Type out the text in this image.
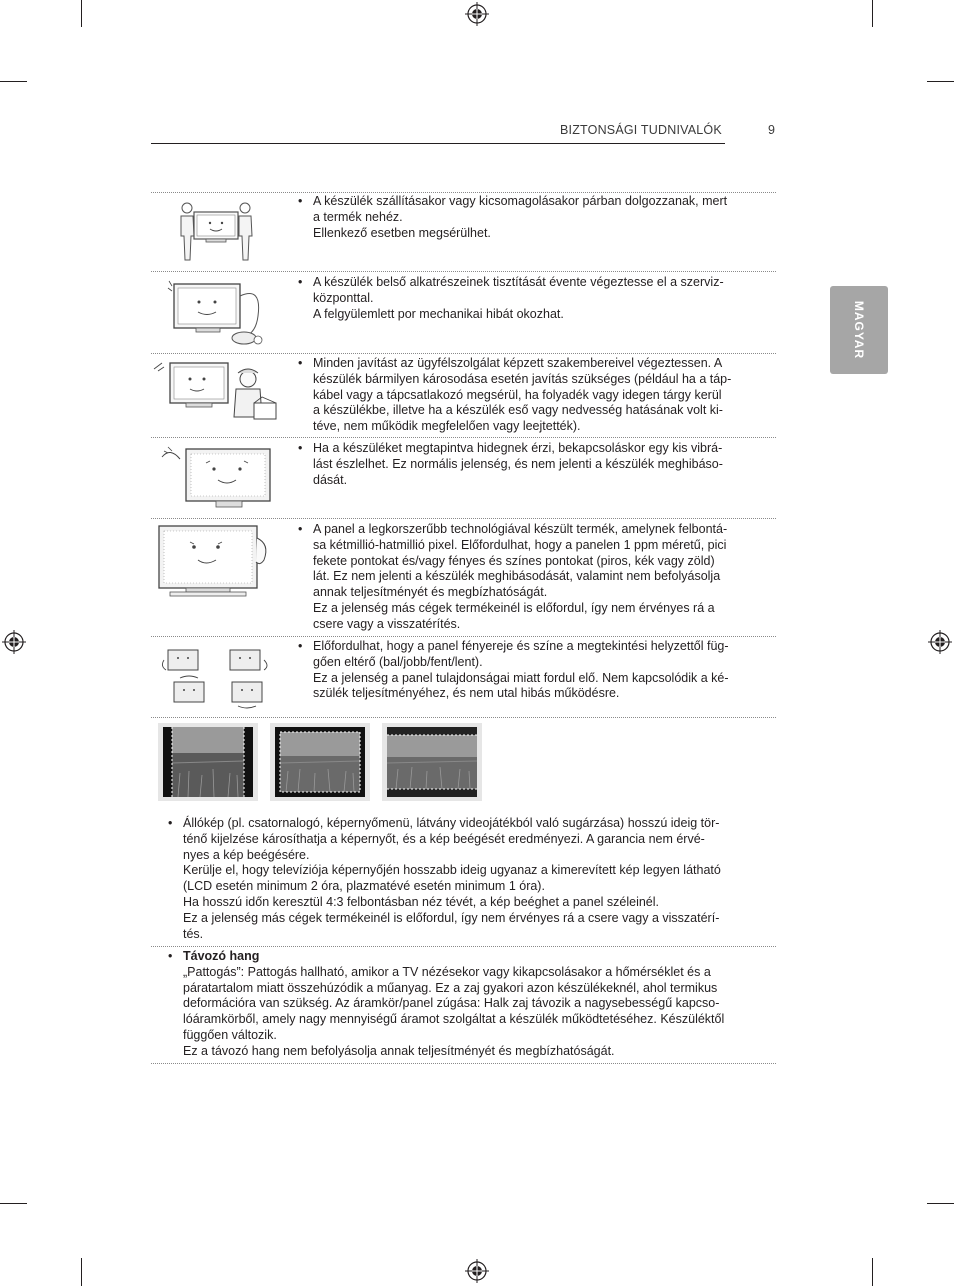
BIZTONSÁGI TUDNIVALÓK	9
MAGYAR
• A készülék szállításakor vagy kicsomagolásakor párban dolgozzanak, mert

a termék nehéz.

Ellenkező esetben megsérülhet.

• A készülék belső alkatrészeinek tisztítását évente végeztesse el a szerviz-

központtal.

A felgyülemlett por mechanikai hibát okozhat.

• Minden javítást az ügyfélszolgálat képzett szakembereivel végeztessen. A

készülék bármilyen károsodása esetén javítás szükséges (például ha a táp-

kábel vagy a tápcsatlakozó megsérül, ha folyadék vagy idegen tárgy kerül

a készülékbe, illetve ha a készülék eső vagy nedvesség hatásának volt ki-

téve, nem működik megfelelően vagy leejtették).

• Ha a készüléket megtapintva hidegnek érzi, bekapcsoláskor egy kis vibrá-

lást észlelhet. Ez normális jelenség, és nem jelenti a készülék meghibáso-

dását.

• A panel a legkorszerűbb technológiával készült termék, amelynek felbontá-

sa kétmillió-hatmillió pixel. Előfordulhat, hogy a panelen 1 ppm méretű, pici

fekete pontokat és/vagy fényes és színes pontokat (piros, kék vagy zöld)

lát. Ez nem jelenti a készülék meghibásodását, valamint nem befolyásolja

annak teljesítményét és megbízhatóságát.

Ez a jelenség más cégek termékeinél is előfordul, így nem érvényes rá a

csere vagy a visszatérítés.

• Előfordulhat, hogy a panel fényereje és színe a megtekintési helyzettől füg-

gően eltérő (bal/jobb/fent/lent).

Ez a jelenség a panel tulajdonságai miatt fordul elő. Nem kapcsolódik a ké-

szülék teljesítményéhez, és nem utal hibás működésre.

• Állókép (pl. csatornalogó, képernyőmenü, látvány videojátékból való sugárzása) hosszú ideig tör-

ténő kijelzése károsíthatja a képernyőt, és a kép beégését eredményezi. A garancia nem érvé-

nyes a kép beégésére.

Kerülje el, hogy televíziója képernyőjén hosszabb ideig ugyanaz a kimerevített kép legyen látható

(LCD esetén minimum 2 óra, plazmatévé esetén minimum 1 óra).

Ha hosszú időn keresztül 4:3 felbontásban néz tévét, a kép beéghet a panel széleinél.

Ez a jelenség más cégek termékeinél is előfordul, így nem érvényes rá a csere vagy a visszatérí-

tés.

• Távozó hang

„Pattogás”: Pattogás hallható, amikor a TV nézésekor vagy kikapcsolásakor a hőmérséklet és a

páratartalom miatt összehúzódik a műanyag. Ez a zaj gyakori azon készülékeknél, ahol termikus

deformációra van szükség. Az áramkör/panel zúgása: Halk zaj távozik a nagysebességű kapcso-

lóáramkörből, amely nagy mennyiségű áramot szolgáltat a készülék működtetéséhez. Készüléktől

függően változik.

Ez a távozó hang nem befolyásolja annak teljesítményét és megbízhatóságát.
